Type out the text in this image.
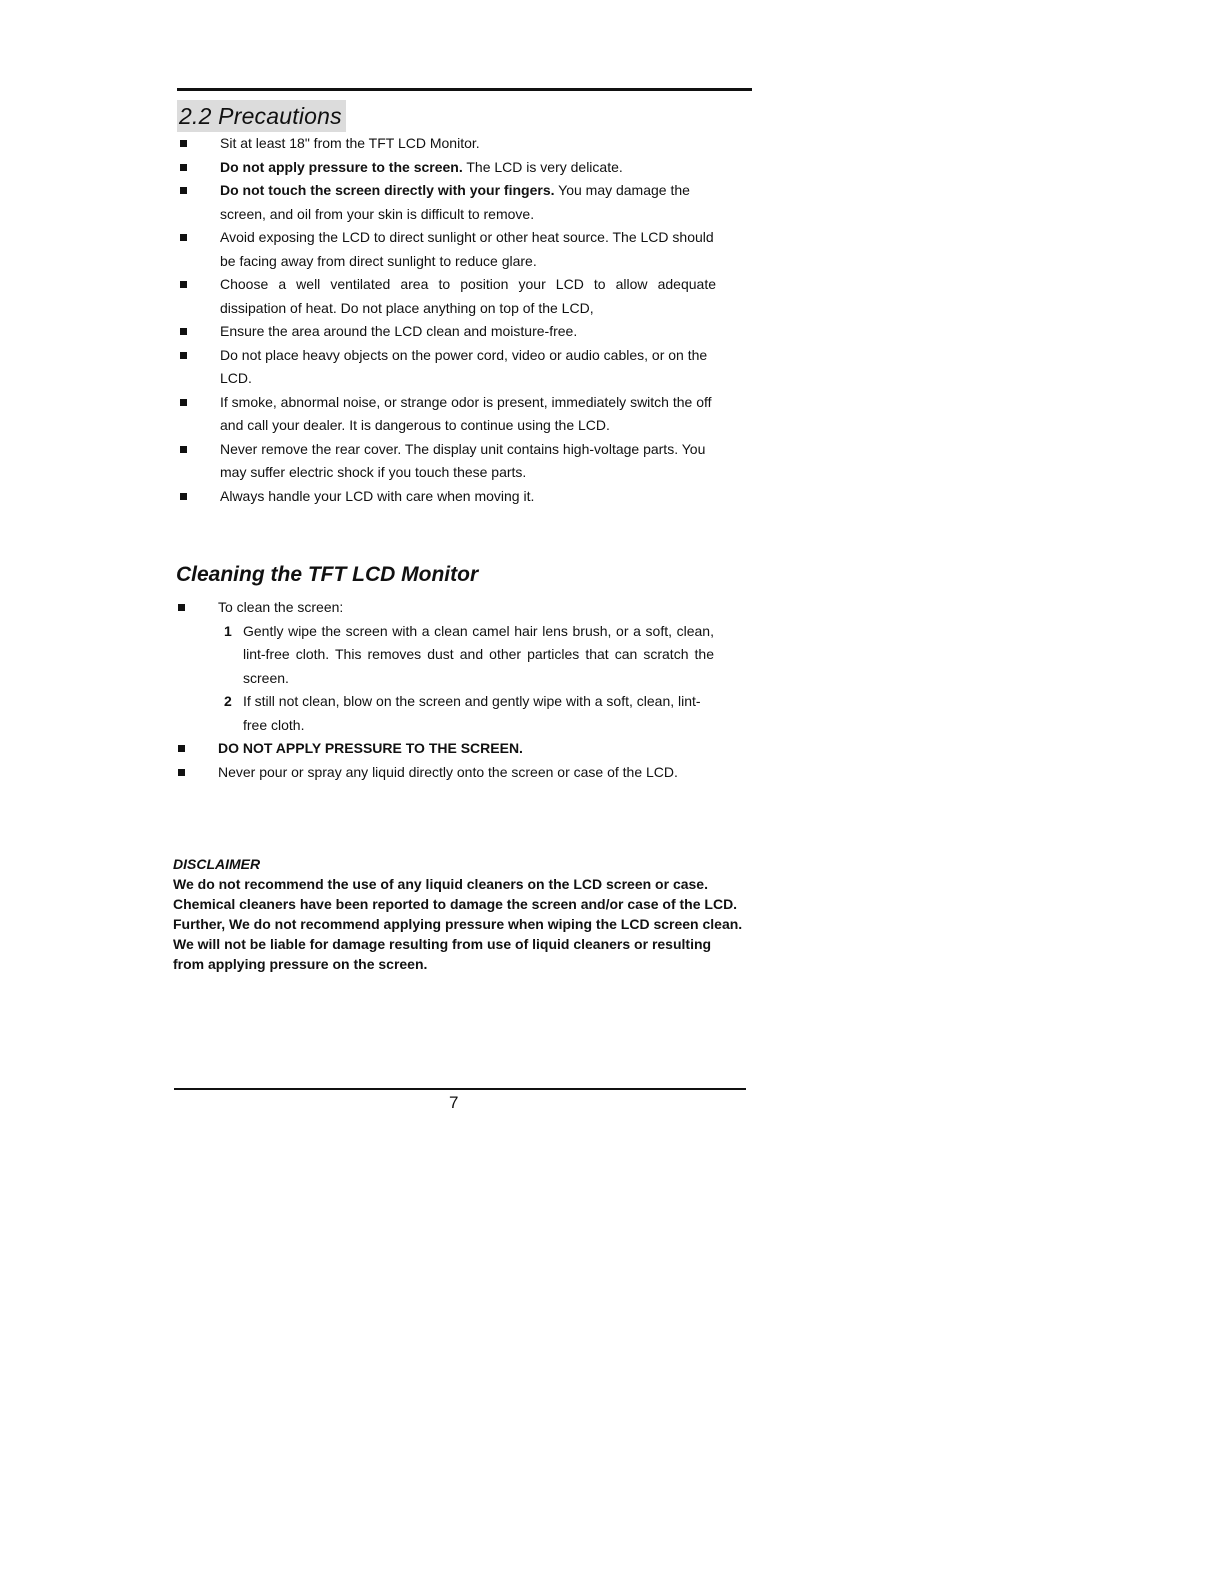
2.2 Precautions
Sit at least 18" from the TFT LCD Monitor.
Do not apply pressure to the screen. The LCD is very delicate.
Do not touch the screen directly with your fingers. You may damage the screen, and oil from your skin is difficult to remove.
Avoid exposing the LCD to direct sunlight or other heat source. The LCD should be facing away from direct sunlight to reduce glare.
Choose a well ventilated area to position your LCD to allow adequate dissipation of heat. Do not place anything on top of the LCD,
Ensure the area around the LCD clean and moisture-free.
Do not place heavy objects on the power cord, video or audio cables, or on the LCD.
If smoke, abnormal noise, or strange odor is present, immediately switch the off and call your dealer. It is dangerous to continue using the LCD.
Never remove the rear cover. The display unit contains high-voltage parts. You may suffer electric shock if you touch these parts.
Always handle your LCD with care when moving it.
Cleaning the TFT LCD Monitor
To clean the screen:
1 Gently wipe the screen with a clean camel hair lens brush, or a soft, clean, lint-free cloth. This removes dust and other particles that can scratch the screen.
2 If still not clean, blow on the screen and gently wipe with a soft, clean, lint-free cloth.
DO NOT APPLY PRESSURE TO THE SCREEN.
Never pour or spray any liquid directly onto the screen or case of the LCD.

DISCLAIMER

We do not recommend the use of any liquid cleaners on the LCD screen or case. Chemical cleaners have been reported to damage the screen and/or case of the LCD. Further, We do not recommend applying pressure when wiping the LCD screen clean. We will not be liable for damage resulting from use of liquid cleaners or resulting from applying pressure on the screen.

7
